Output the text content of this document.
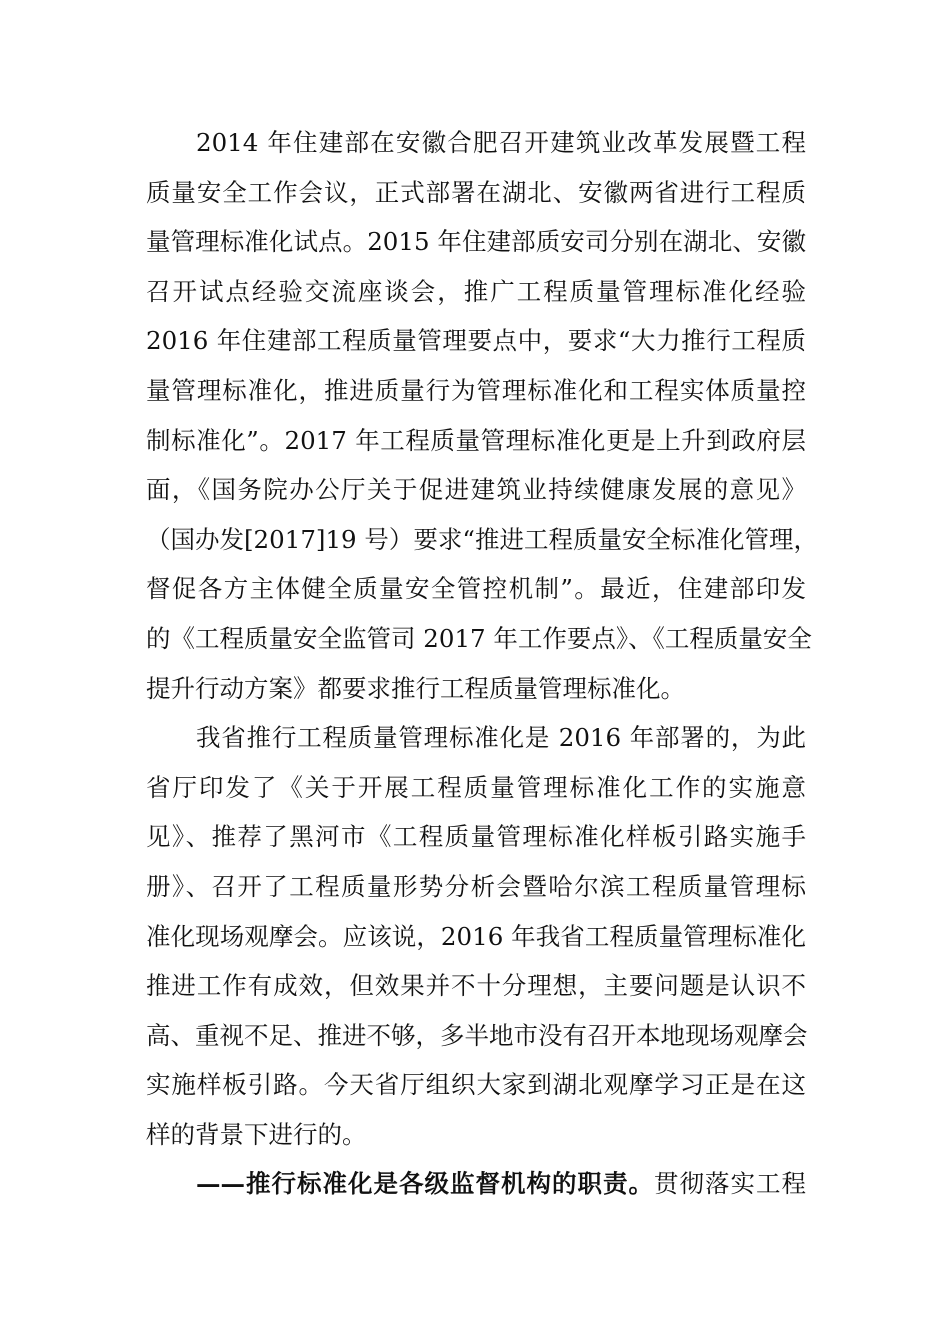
2014 年住建部在安徽合肥召开建筑业改革发展暨工程
质量安全工作会议，正式部署在湖北、安徽两省进行工程质
量管理标准化试点。2015 年住建部质安司分别在湖北、安徽
召开试点经验交流座谈会，推广工程质量管理标准化经验
2016 年住建部工程质量管理要点中，要求“大力推行工程质
量管理标准化，推进质量行为管理标准化和工程实体质量控
制标准化”。2017 年工程质量管理标准化更是上升到政府层
面，《国务院办公厅关于促进建筑业持续健康发展的意见》
（国办发[2017]19 号）要求“推进工程质量安全标准化管理，
督促各方主体健全质量安全管控机制”。最近，住建部印发
的《工程质量安全监管司 2017 年工作要点》、《工程质量安全
提升行动方案》都要求推行工程质量管理标准化。
我省推行工程质量管理标准化是 2016 年部署的，为此
省厅印发了《关于开展工程质量管理标准化工作的实施意
见》、推荐了黑河市《工程质量管理标准化样板引路实施手
册》、召开了工程质量形势分析会暨哈尔滨工程质量管理标
准化现场观摩会。应该说，2016 年我省工程质量管理标准化
推进工作有成效，但效果并不十分理想，主要问题是认识不
高、重视不足、推进不够，多半地市没有召开本地现场观摩会
实施样板引路。今天省厅组织大家到湖北观摩学习正是在这
样的背景下进行的。
——推行标准化是各级监督机构的职责。贯彻落实工程
